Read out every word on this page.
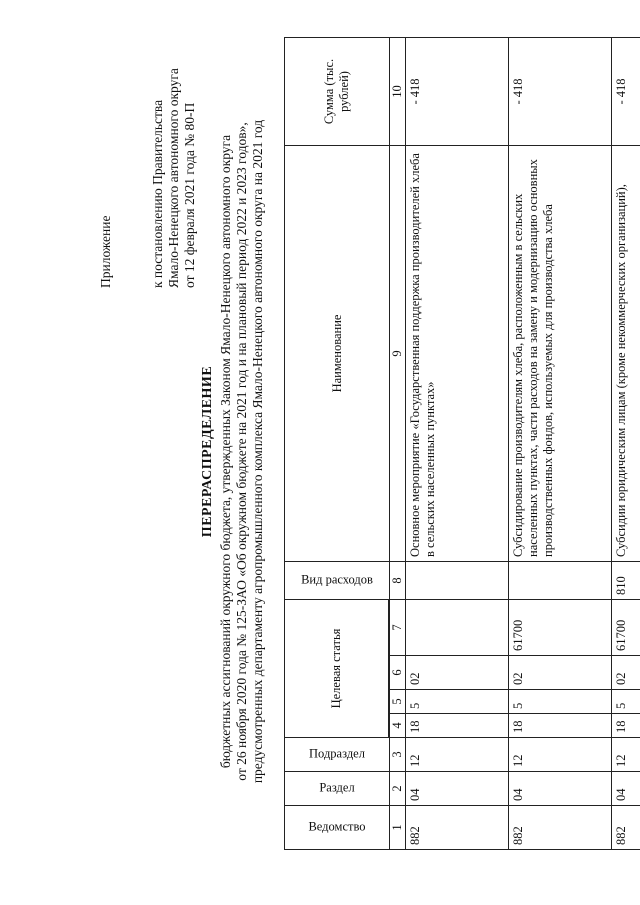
Приложение	к постановлению Правительства Ямало-Ненецкого автономного округа от 12 февраля 2021 года № 80-П
ПЕРЕРАСПРЕДЕЛЕНИЕ бюджетных ассигнований окружного бюджета, утвержденных Законом Ямало-Ненецкого автономного округа от 26 ноября 2020 года № 125-ЗАО «Об окружном бюджете на 2021 год и на плановый период 2022 и 2023 годов», предусмотренных департаменту агропромышленного комплекса Ямало-Ненецкого автономного округа на 2021 год
Ведомство	Раздел	Подраздел	Целевая статья				Вид расходов	Наименование	Сумма (тыс. рублей)

1	2	3	4	5	6	7	8	9	10
882	04	12	18	5	02			Основное мероприятие «Государственная поддержка производителей хлеба в сельских населенных пунктах»	- 418
882	04	12	18	5	02	61700		Субсидирование производителям хлеба, расположенным в сельских населенных пунктах, части расходов на замену и модернизацию основных производственных фондов, используемых для производства хлеба	- 418
882	04	12	18	5	02	61700	810	Субсидии юридическим лицам (кроме некоммерческих организаций),	- 418
